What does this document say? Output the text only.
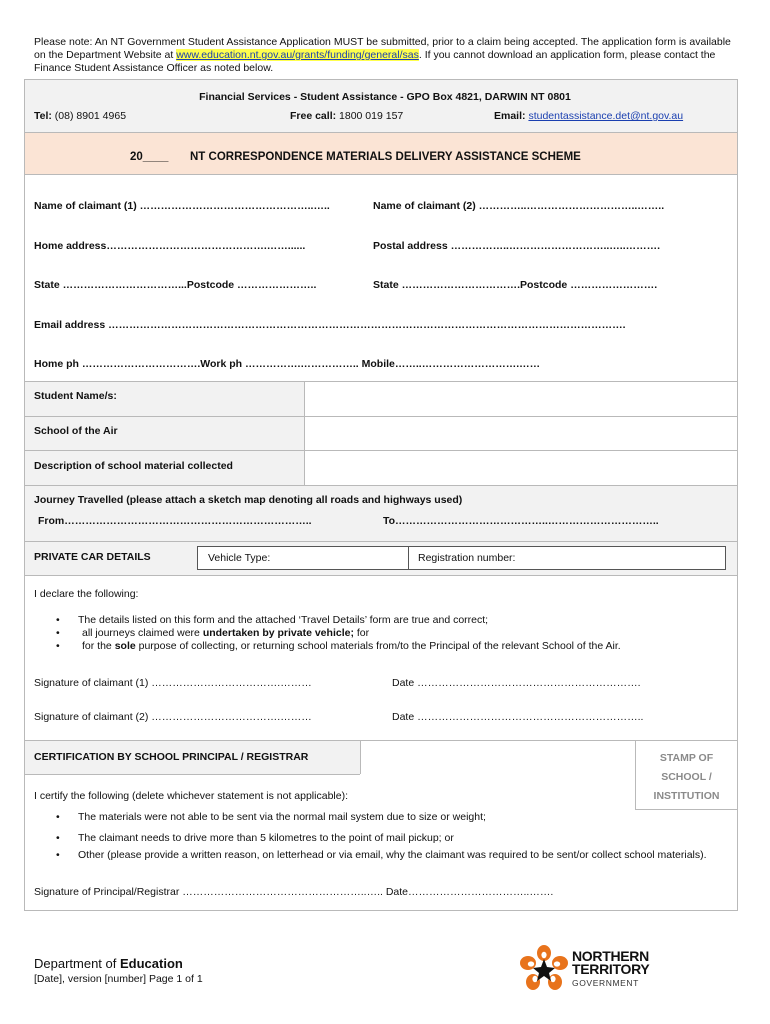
Please note: An NT Government Student Assistance Application MUST be submitted, prior to a claim being accepted. The application form is available on the Department Website at www.education.nt.gov.au/grants/funding/general/sas. If you cannot download an application form, please contact the Finance Student Assistance Officer as noted below.
Financial Services - Student Assistance - GPO Box 4821, DARWIN NT 0801
Tel: (08) 8901 4965	Free call: 1800 019 157	Email: studentassistance.det@nt.gov.au
20____ NT CORRESPONDENCE MATERIALS DELIVERY ASSISTANCE SCHEME
Name of claimant (1) …………………………………………..…..	Name of claimant (2) …………..…………………………..……..
Home address……………………………………….……......	Postal address ……………..………………………..…..……….
State ……………………………...Postcode …………………..	State …………………………….Postcode …………………….
Email address ………………………………………………………………………………………………………………………………….
Home ph …………………………….Work ph …………….…………….. Mobile……..……………………….……
Student Name/s:
School of the Air
Description of school material collected
Journey Travelled (please attach a sketch map denoting all roads and highways used)
From……………………………………………………………..	To……………………………………..…………………………..
PRIVATE CAR DETAILS	Vehicle Type:	Registration number:
I declare the following:
• The details listed on this form and the attached ‘Travel Details’ form are true and correct;
• all journeys claimed were undertaken by private vehicle; for
• for the sole purpose of collecting, or returning school materials from/to the Principal of the relevant School of the Air.
Signature of claimant (1) ……………………………….………	Date ……………………………………………………….
Signature of claimant (2) ……………………………….………	Date ………………………………………………………..
CERTIFICATION BY SCHOOL PRINCIPAL / REGISTRAR	STAMP OF
SCHOOL /
INSTITUTION
I certify the following (delete whichever statement is not applicable):
• The materials were not able to be sent via the normal mail system due to size or weight;
• The claimant needs to drive more than 5 kilometres to the point of mail pickup; or
• Other (please provide a written reason, on letterhead or via email, why the claimant was required to be sent/or collect school materials).
Signature of Principal/Registrar ……………………………………………..….. Date……………………………..…….
Department of Education
[Date], version [number] Page 1 of 1
NORTHERN
TERRITORY
GOVERNMENT
